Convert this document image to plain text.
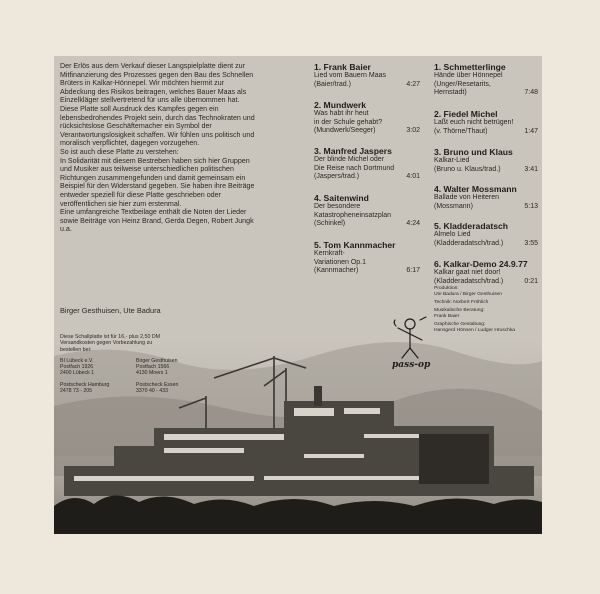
Der Erlös aus dem Verkauf dieser Langspielplatte dient zur Mitfinanzierung des Prozesses gegen den Bau des Schnellen Brüters in Kalkar-Hönnepel. Wir möchten hiermit zur Abdeckung des Risikos beitragen, welches Bauer Maas als Einzelkläger stellvertretend für uns alle übernommen hat.

Diese Platte soll Ausdruck des Kampfes gegen ein lebensbedrohendes Projekt sein, durch das Technokraten und rücksichtslose Geschäftemacher ein Symbol der Verantwortungslosigkeit schaffen. Wir fühlen uns politisch und moralisch verpflichtet, dagegen vorzugehen.

So ist auch diese Platte zu verstehen:

In Solidarität mit diesem Bestreben haben sich hier Gruppen und Musiker aus teilweise unterschiedlichen politischen Richtungen zusammengefunden und damit gemeinsam ein Beispiel für den Widerstand gegeben. Sie haben ihre Beiträge entweder speziell für diese Platte geschrieben oder veröffentlichen sie hier zum erstenmal.

Eine umfangreiche Textbeilage enthält die Noten der Lieder sowie Beiträge von Heinz Brand, Gerda Degen, Robert Jungk u.a.

Birger Gesthuisen, Ute Badura
Diese Schallplatte ist für 16,- plus 2,50 DM Versandkosten gegen Vorbezahlung zu bestellen bei:
BI Lübeck e.V.
Postfach 1926
2400 Lübeck 1
Birger Gesthuisen
Postfach 1566
4130 Moers 1
Postscheck Hamburg
2478 73 - 205
Postscheck Essen
3370 40 - 433

1. Frank Baier

Lied vom Bauern Maas

(Baier/trad.)	4:27

2. Mundwerk

Was habt ihr heut

in der Schule gehabt?

(Mundwerk/Seeger)	3:02

3. Manfred Jaspers

Der blinde Michel oder

Die Reise nach Dortmund

(Jaspers/trad.)	4:01

4. Saitenwind

Der besondere

Katastropheneinsatzplan

(Schinkel)	4:24

5. Tom Kannmacher

Kernkraft-

Variationen Op.1

(Kannmacher)	6:17

1. Schmetterlinge

Hände über Hönnepel

(Unger/Resetarits,

Hernstadt)	7:48

2. Fiedel Michel

Laßt euch nicht betrügen!

(v. Thörne/Thaut)	1:47

3. Bruno und Klaus

Kalkar-Lied

(Bruno u. Klaus/trad.)	3:41

4. Walter Mossmann

Ballade von Heiteren

(Mossmann)	5:13

5. Kladderadatsch

Almelo Lied

(Kladderadatsch/trad.)	3:55

6. Kalkar-Demo 24.9.77

Kalkar gaat niet door!

(Kladderadatsch/trad.)	0:21

pass-op

Produktion:
Ute Badura / Birger Gesthuisen

Technik: Norbert Fröhlich

Musikalische Beratung:
Frank Baier

Graphische Gestaltung:
Hansgerd Hönnen / Ludger Hruschka
